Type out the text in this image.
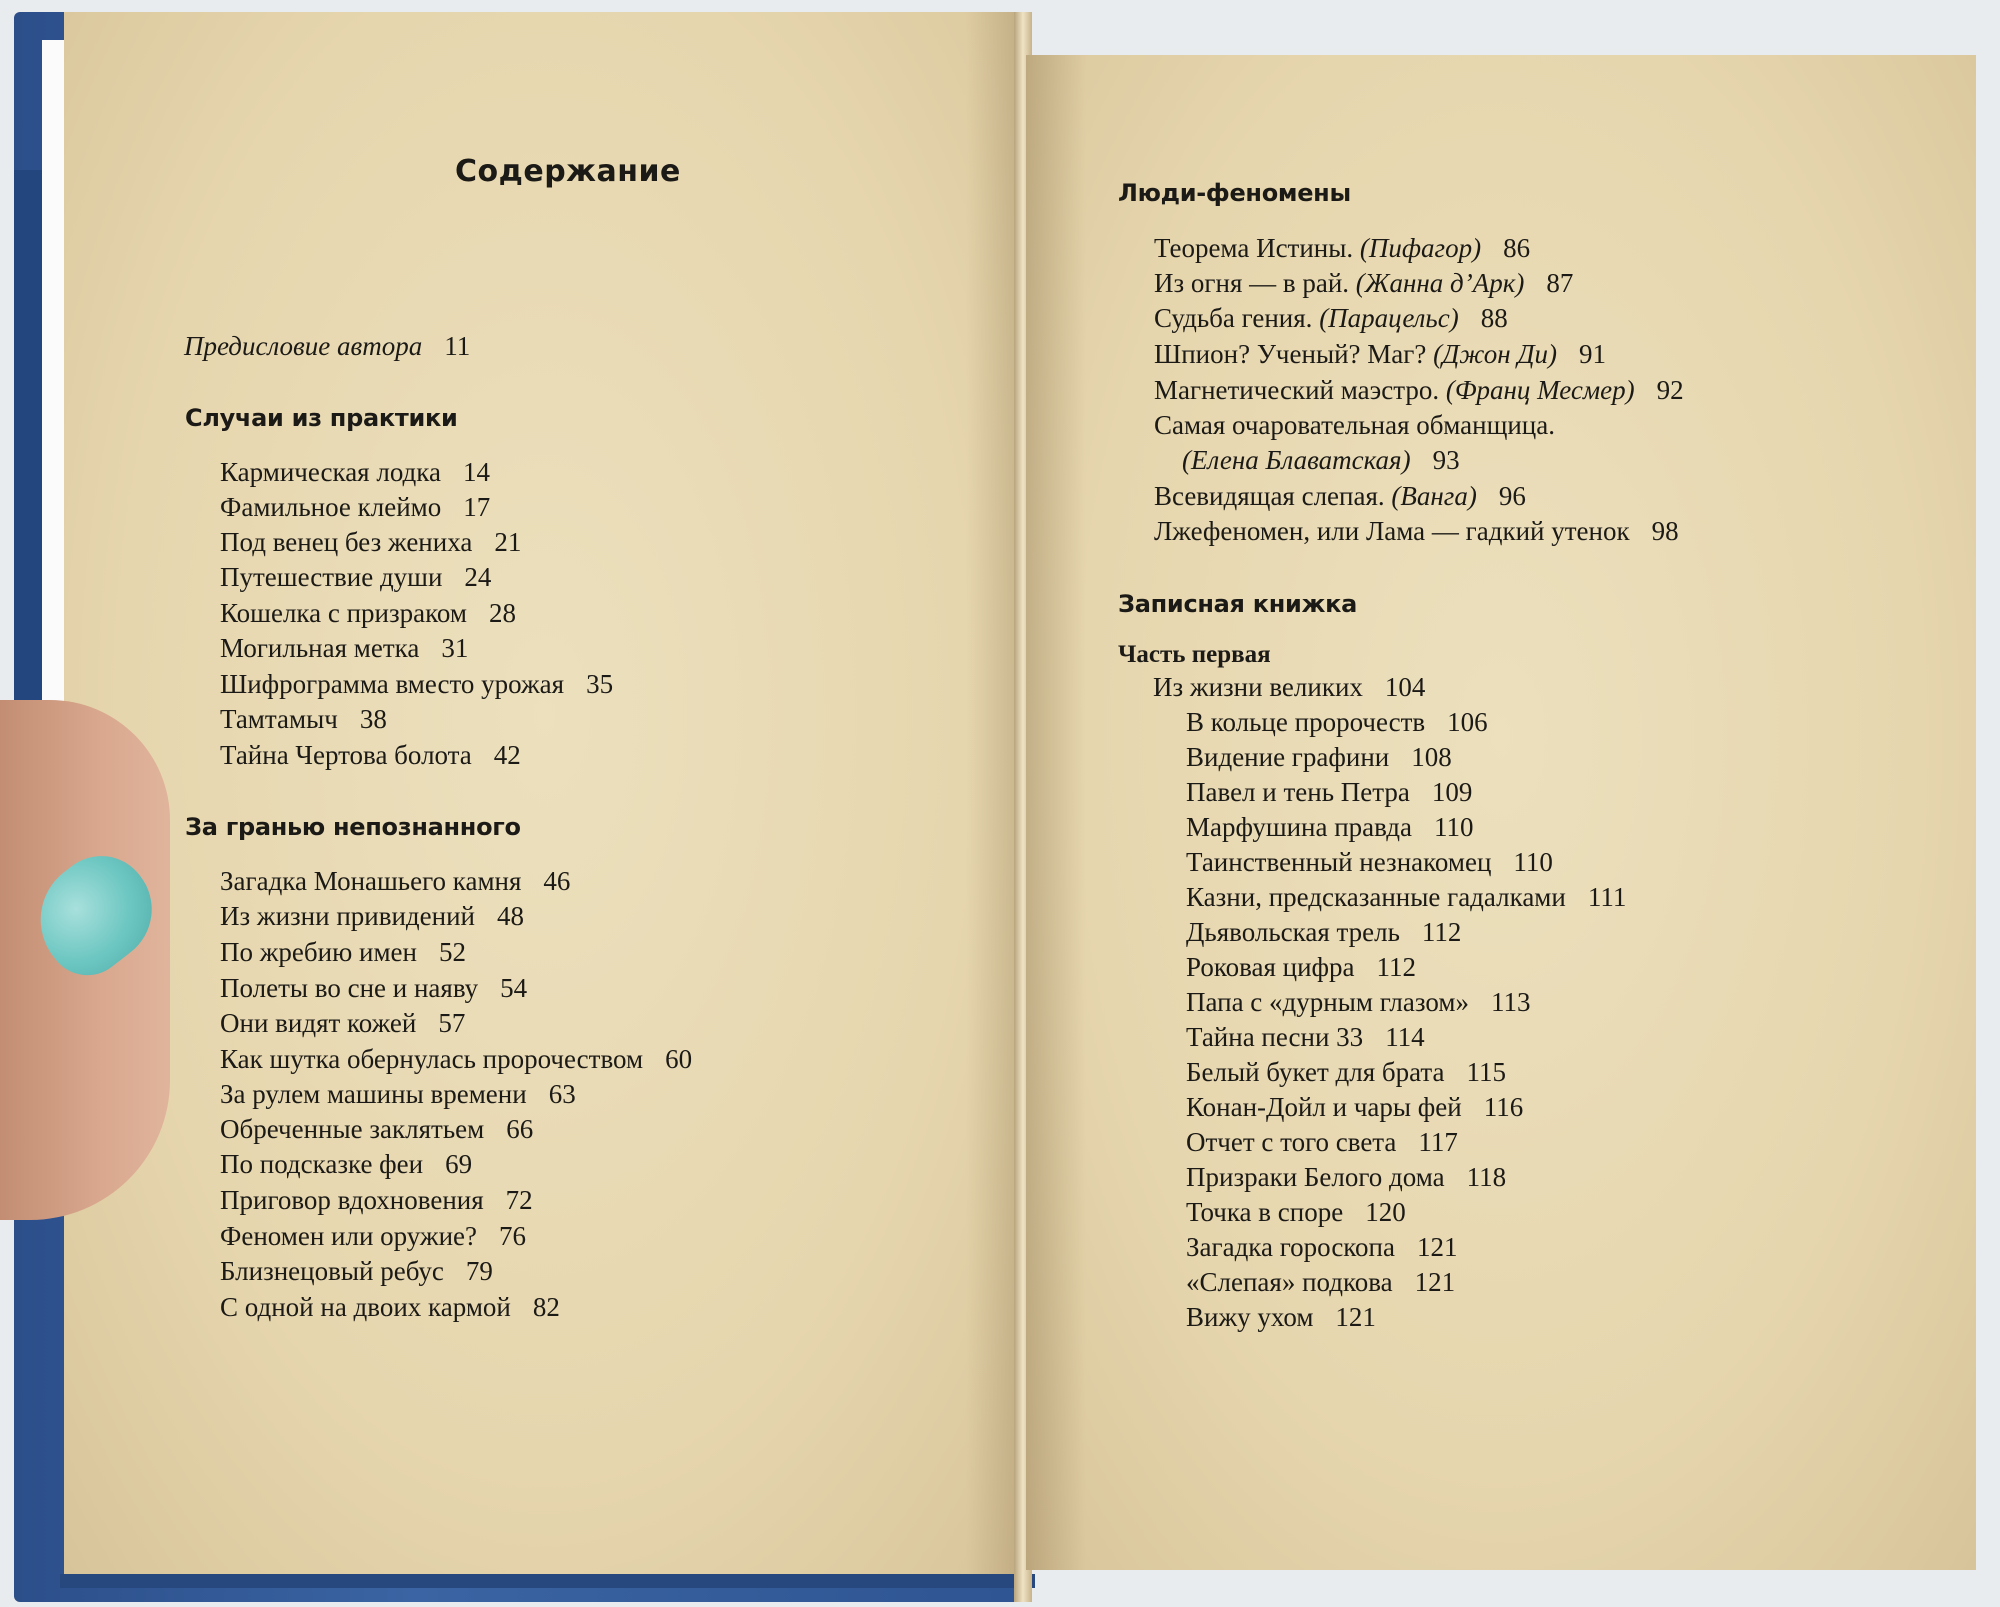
Содержание
Предисловие автора 11
Случаи из практики
Кармическая лодка 14
Фамильное клеймо 17
Под венец без жениха 21
Путешествие души 24
Кошелка с призраком 28
Могильная метка 31
Шифрограмма вместо урожая 35
Тамтамыч 38
Тайна Чертова болота 42
За гранью непознанного
Загадка Монашьего камня 46
Из жизни привидений 48
По жребию имен 52
Полеты во сне и наяву 54
Они видят кожей 57
Как шутка обернулась пророчеством 60
За рулем машины времени 63
Обреченные заклятьем 66
По подсказке феи 69
Приговор вдохновения 72
Феномен или оружие? 76
Близнецовый ребус 79
С одной на двоих кармой 82
Люди-феномены
Теорема Истины. (Пифагор) 86
Из огня — в рай. (Жанна д’Арк) 87
Судьба гения. (Парацельс) 88
Шпион? Ученый? Маг? (Джон Ди) 91
Магнетический маэстро. (Франц Месмер) 92
Самая очаровательная обманщица.
(Елена Блаватская) 93
Всевидящая слепая. (Ванга) 96
Лжефеномен, или Лама — гадкий утенок 98
Записная книжка
Часть первая
Из жизни великих 104
В кольце пророчеств 106
Видение графини 108
Павел и тень Петра 109
Марфушина правда 110
Таинственный незнакомец 110
Казни, предсказанные гадалками 111
Дьявольская трель 112
Роковая цифра 112
Папа с «дурным глазом» 113
Тайна песни 33 114
Белый букет для брата 115
Конан-Дойл и чары фей 116
Отчет с того света 117
Призраки Белого дома 118
Точка в споре 120
Загадка гороскопа 121
«Слепая» подкова 121
Вижу ухом 121
